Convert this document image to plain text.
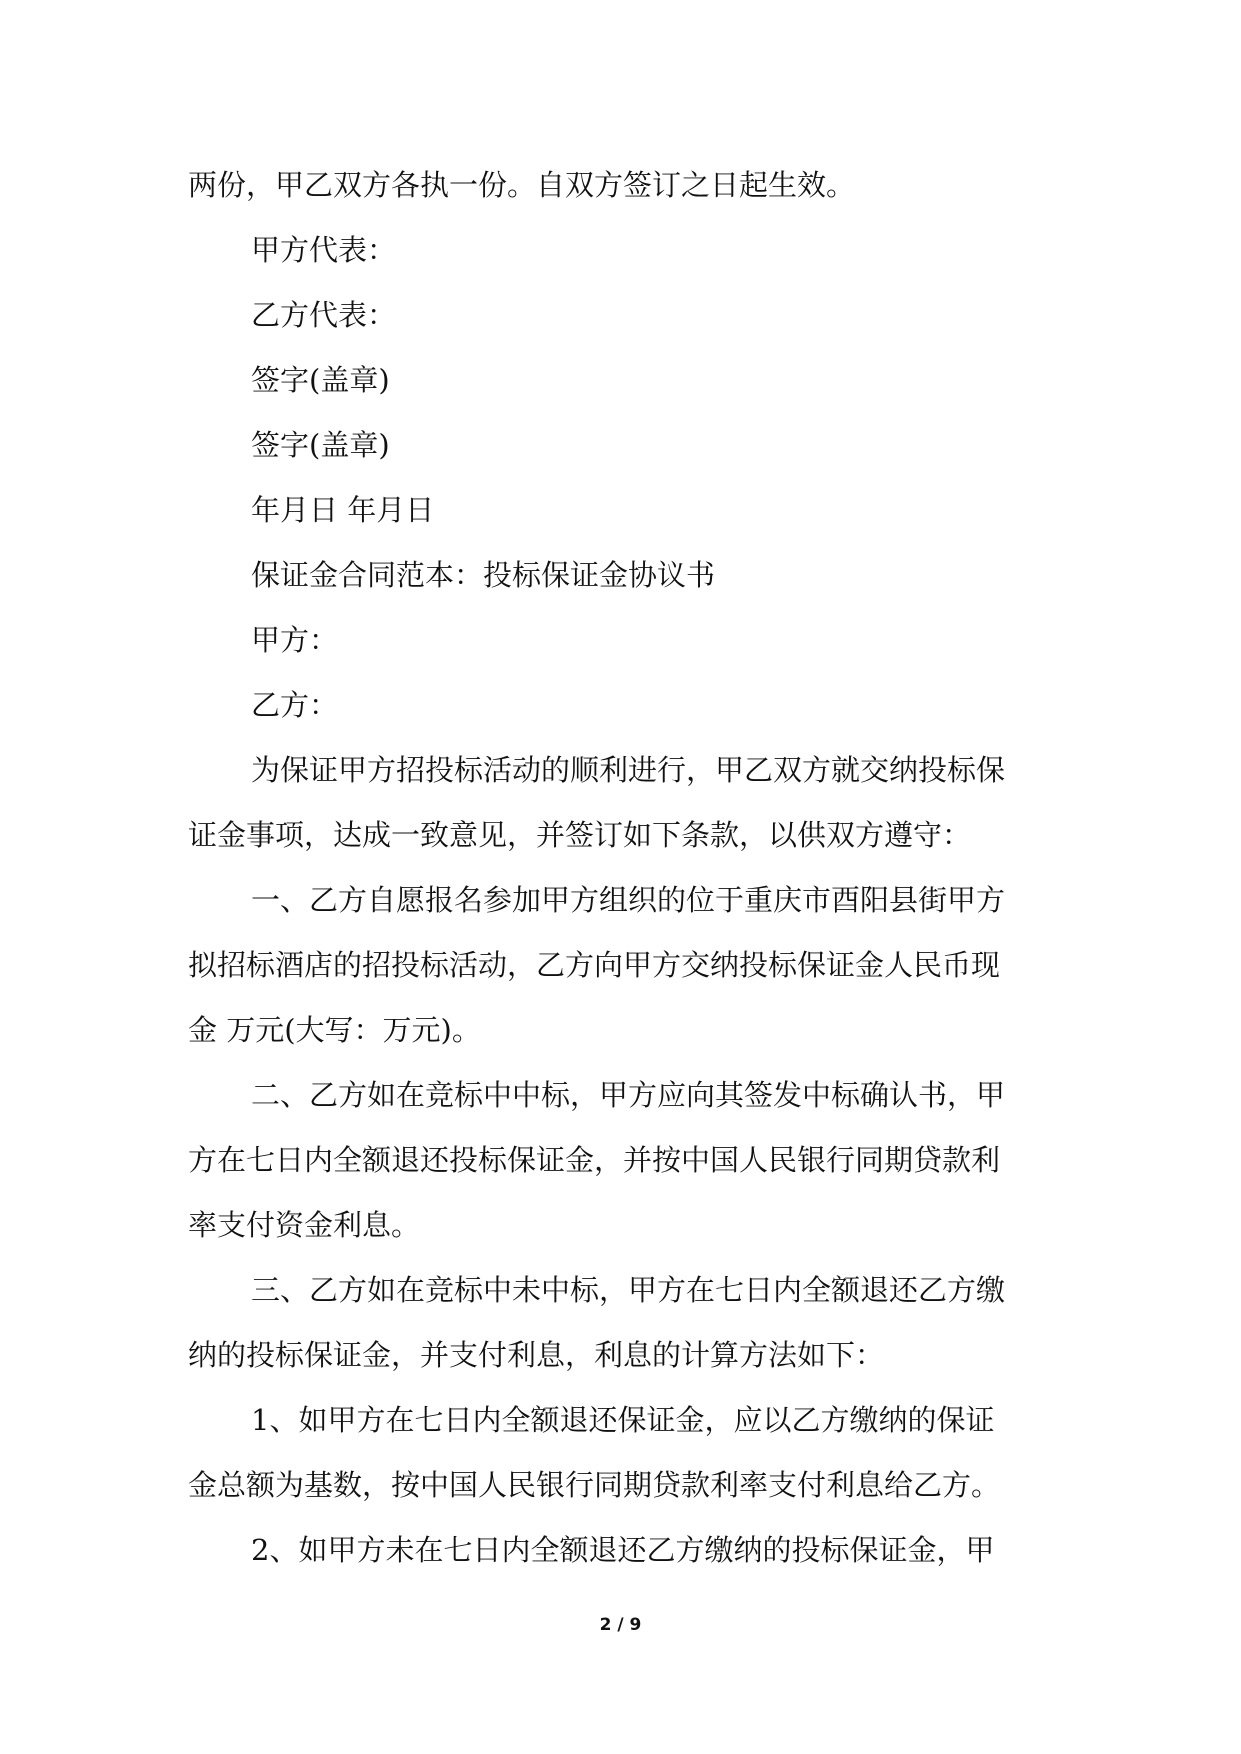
两份，甲乙双方各执一份。自双方签订之日起生效。
甲方代表：
乙方代表：
签字(盖章)
签字(盖章)
年月日 年月日
保证金合同范本：投标保证金协议书
甲方：
乙方：
为保证甲方招投标活动的顺利进行，甲乙双方就交纳投标保
证金事项，达成一致意见，并签订如下条款，以供双方遵守：
一、乙方自愿报名参加甲方组织的位于重庆市酉阳县街甲方
拟招标酒店的招投标活动，乙方向甲方交纳投标保证金人民币现
金 万元(大写：万元)。
二、乙方如在竞标中中标，甲方应向其签发中标确认书，甲
方在七日内全额退还投标保证金，并按中国人民银行同期贷款利
率支付资金利息。
三、乙方如在竞标中未中标，甲方在七日内全额退还乙方缴
纳的投标保证金，并支付利息，利息的计算方法如下：
1、如甲方在七日内全额退还保证金，应以乙方缴纳的保证
金总额为基数，按中国人民银行同期贷款利率支付利息给乙方。
2、如甲方未在七日内全额退还乙方缴纳的投标保证金，甲
2 / 9
